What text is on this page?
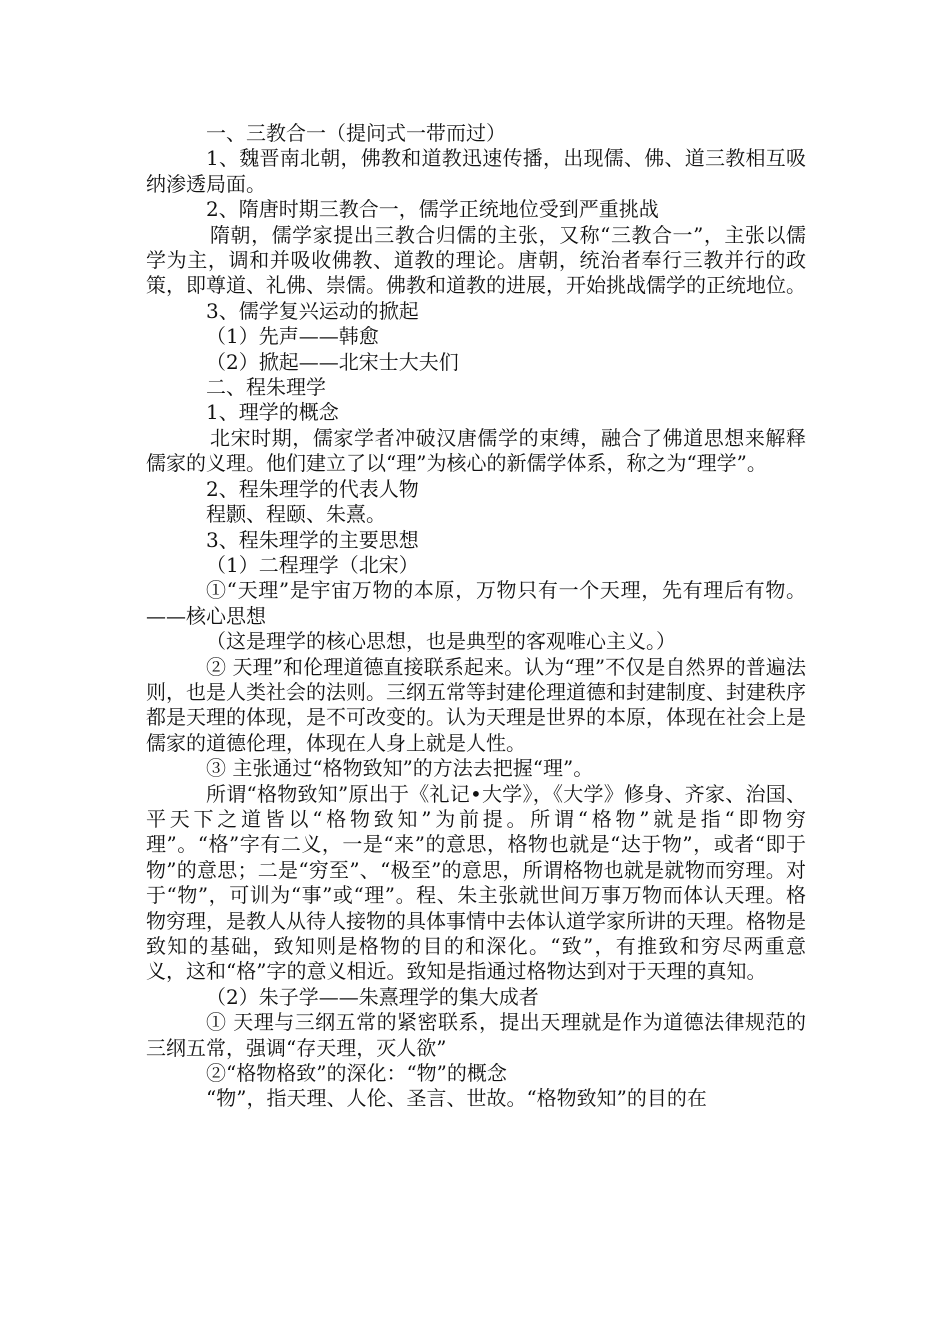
一、三教合一（提问式一带而过）

1、魏晋南北朝，佛教和道教迅速传播，出现儒、佛、道三教相互吸纳渗透局面。

2、隋唐时期三教合一，儒学正统地位受到严重挑战

隋朝，儒学家提出三教合归儒的主张，又称“三教合一”，主张以儒学为主，调和并吸收佛教、道教的理论。唐朝，统治者奉行三教并行的政策，即尊道、礼佛、崇儒。佛教和道教的进展，开始挑战儒学的正统地位。

3、儒学复兴运动的掀起

（1）先声——韩愈

（2）掀起——北宋士大夫们

二、程朱理学

1、理学的概念

北宋时期，儒家学者冲破汉唐儒学的束缚，融合了佛道思想来解释儒家的义理。他们建立了以“理”为核心的新儒学体系，称之为“理学”。

2、程朱理学的代表人物

程颢、程颐、朱熹。

3、程朱理学的主要思想

（1）二程理学（北宋）

①“天理”是宇宙万物的本原，万物只有一个天理，先有理后有物。——核心思想

（这是理学的核心思想，也是典型的客观唯心主义。）

② 天理”和伦理道德直接联系起来。认为“理”不仅是自然界的普遍法则，也是人类社会的法则。三纲五常等封建伦理道德和封建制度、封建秩序都是天理的体现，是不可改变的。认为天理是世界的本原，体现在社会上是儒家的道德伦理，体现在人身上就是人性。

③ 主张通过“格物致知”的方法去把握“理”。

所谓“格物致知”原出于《礼记•大学》，《大学》修身、齐家、治国、平天下之道皆以“格物致知”为前提。所谓“格物”就是指“即物穷理”。“格”字有二义，一是“来”的意思，格物也就是“达于物”，或者“即于物”的意思；二是“穷至”、“极至”的意思，所谓格物也就是就物而穷理。对于“物”，可训为“事”或“理”。程、朱主张就世间万事万物而体认天理。格物穷理，是教人从待人接物的具体事情中去体认道学家所讲的天理。格物是致知的基础，致知则是格物的目的和深化。“致”，有推致和穷尽两重意义，这和“格”字的意义相近。致知是指通过格物达到对于天理的真知。

（2）朱子学——朱熹理学的集大成者

① 天理与三纲五常的紧密联系，提出天理就是作为道德法律规范的三纲五常，强调“存天理，灭人欲”

②“格物格致”的深化：“物”的概念

“物”，指天理、人伦、圣言、世故。“格物致知”的目的在
